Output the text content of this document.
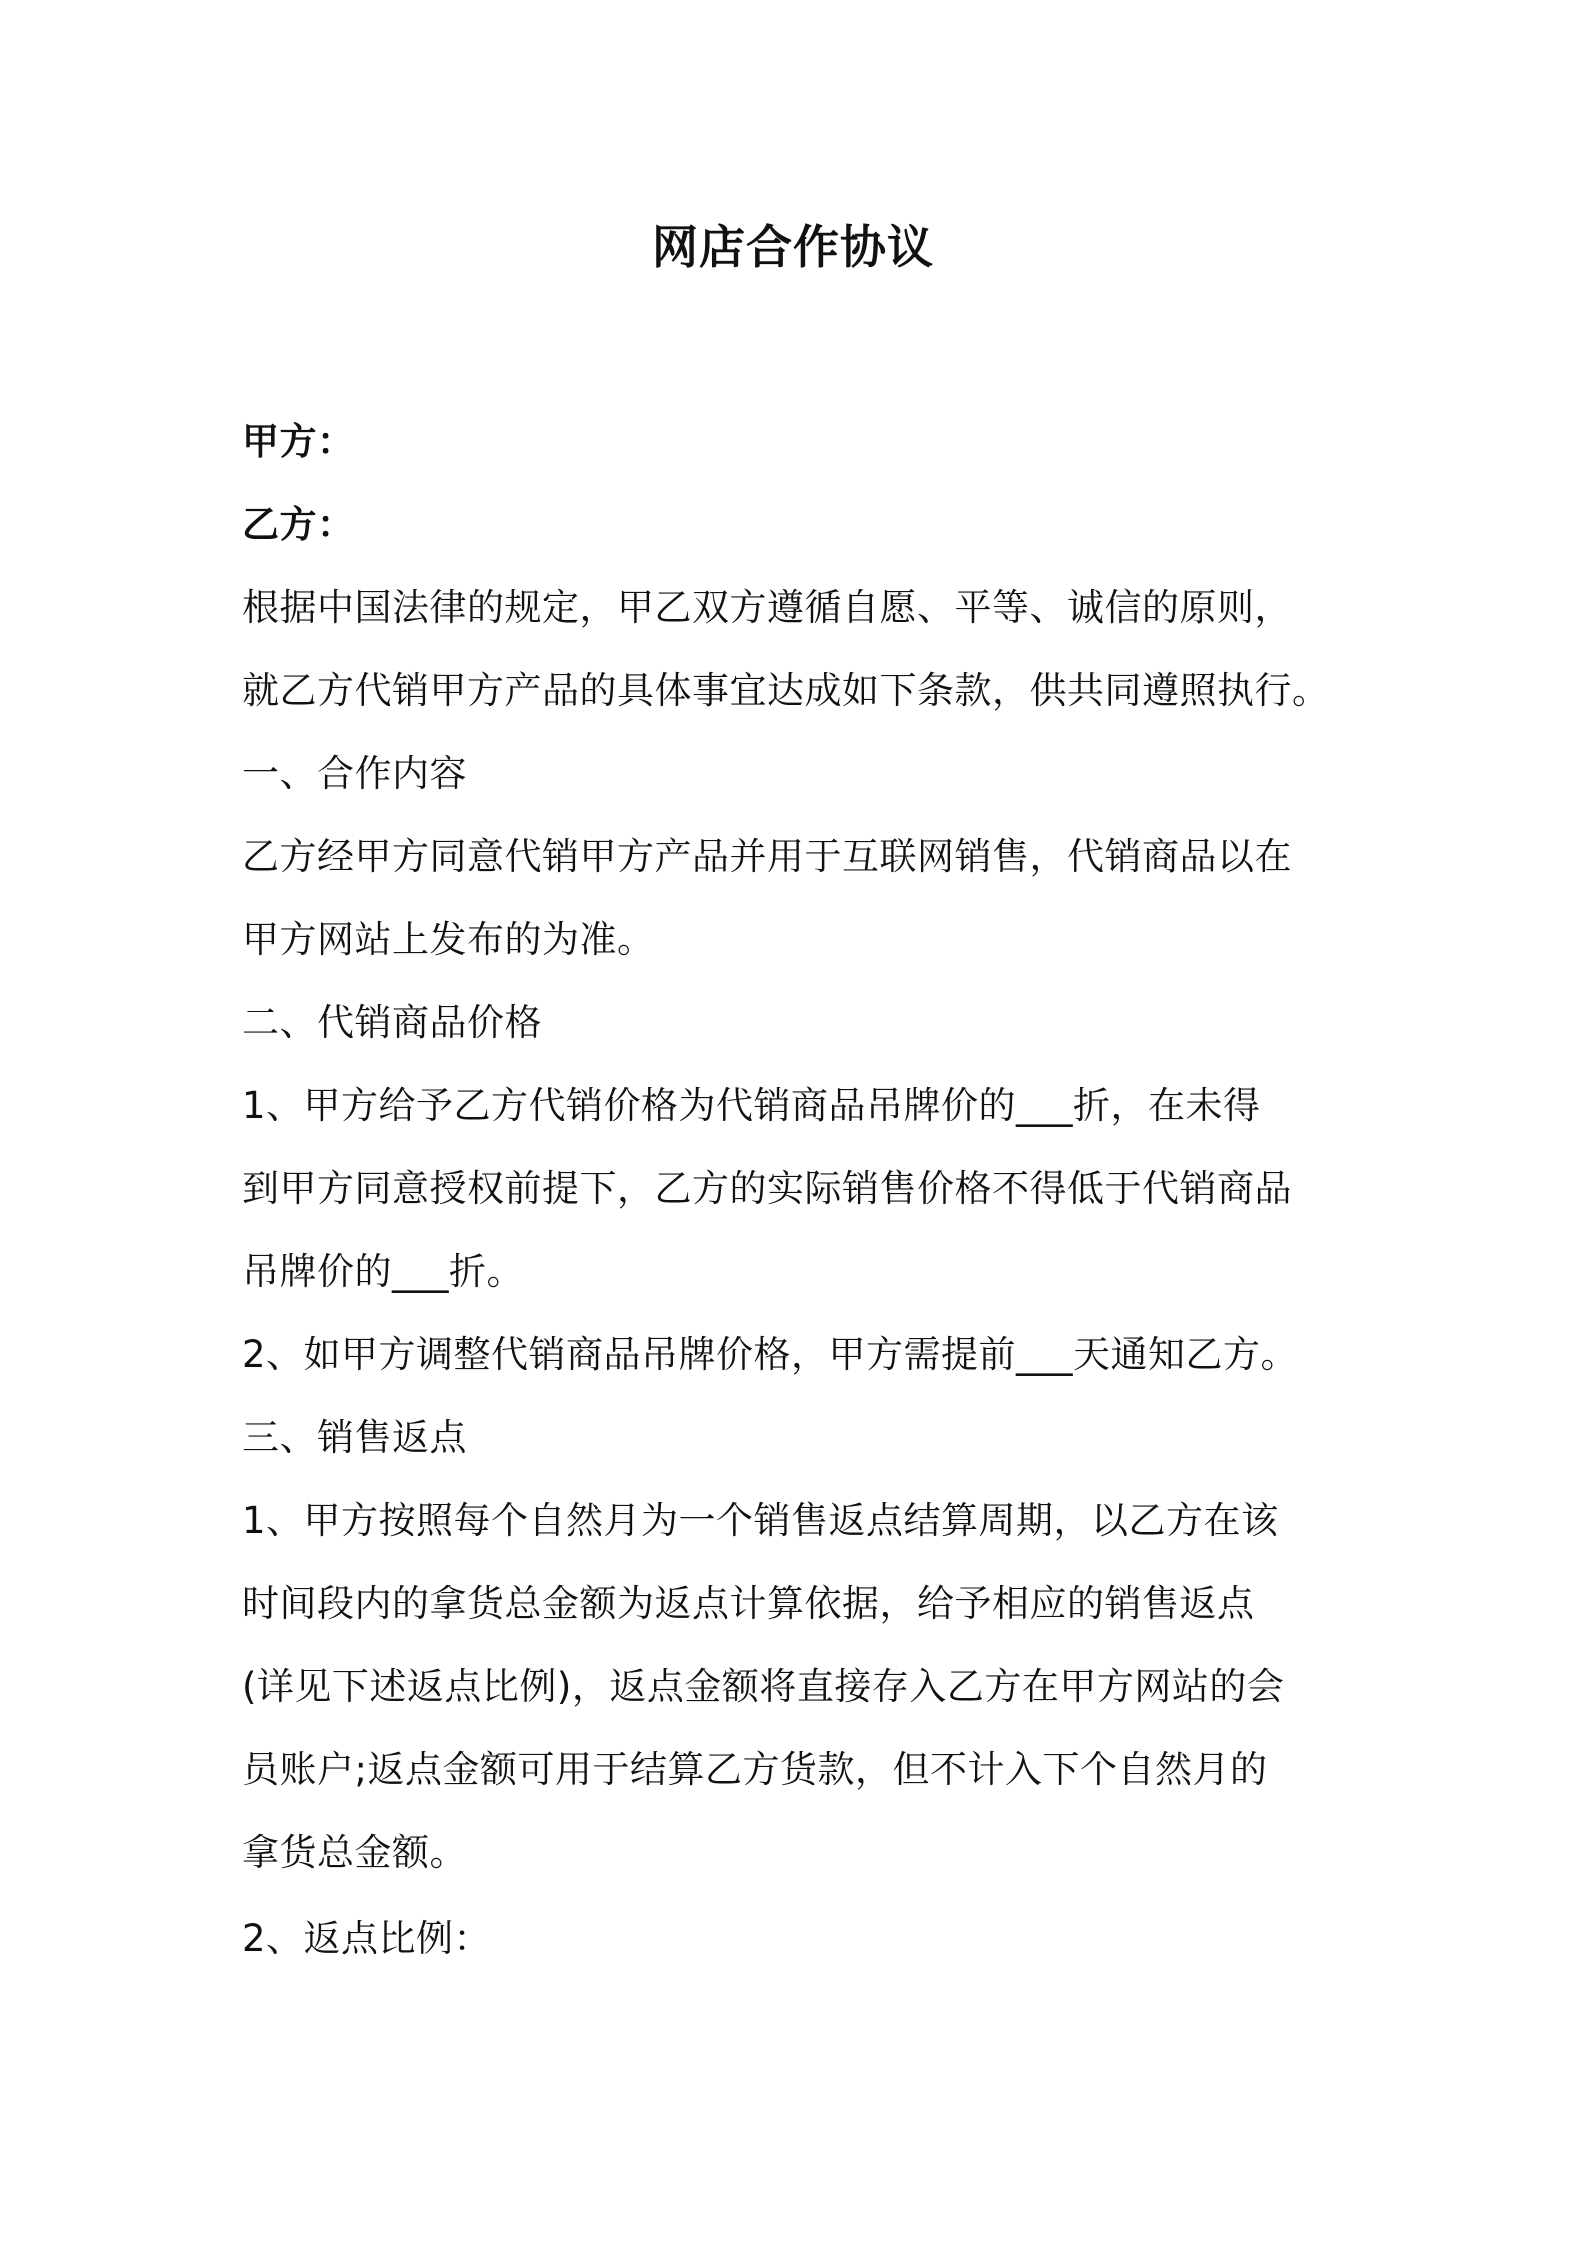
网店合作协议
甲方：
乙方：
根据中国法律的规定，甲乙双方遵循自愿、平等、诚信的原则，
就乙方代销甲方产品的具体事宜达成如下条款，供共同遵照执行。
一、合作内容
乙方经甲方同意代销甲方产品并用于互联网销售，代销商品以在
甲方网站上发布的为准。
二、代销商品价格
1、甲方给予乙方代销价格为代销商品吊牌价的___折，在未得
到甲方同意授权前提下，乙方的实际销售价格不得低于代销商品
吊牌价的___折。
2、如甲方调整代销商品吊牌价格，甲方需提前___天通知乙方。
三、销售返点
1、甲方按照每个自然月为一个销售返点结算周期，以乙方在该
时间段内的拿货总金额为返点计算依据，给予相应的销售返点
(详见下述返点比例)，返点金额将直接存入乙方在甲方网站的会
员账户;返点金额可用于结算乙方货款，但不计入下个自然月的
拿货总金额。
2、返点比例：
